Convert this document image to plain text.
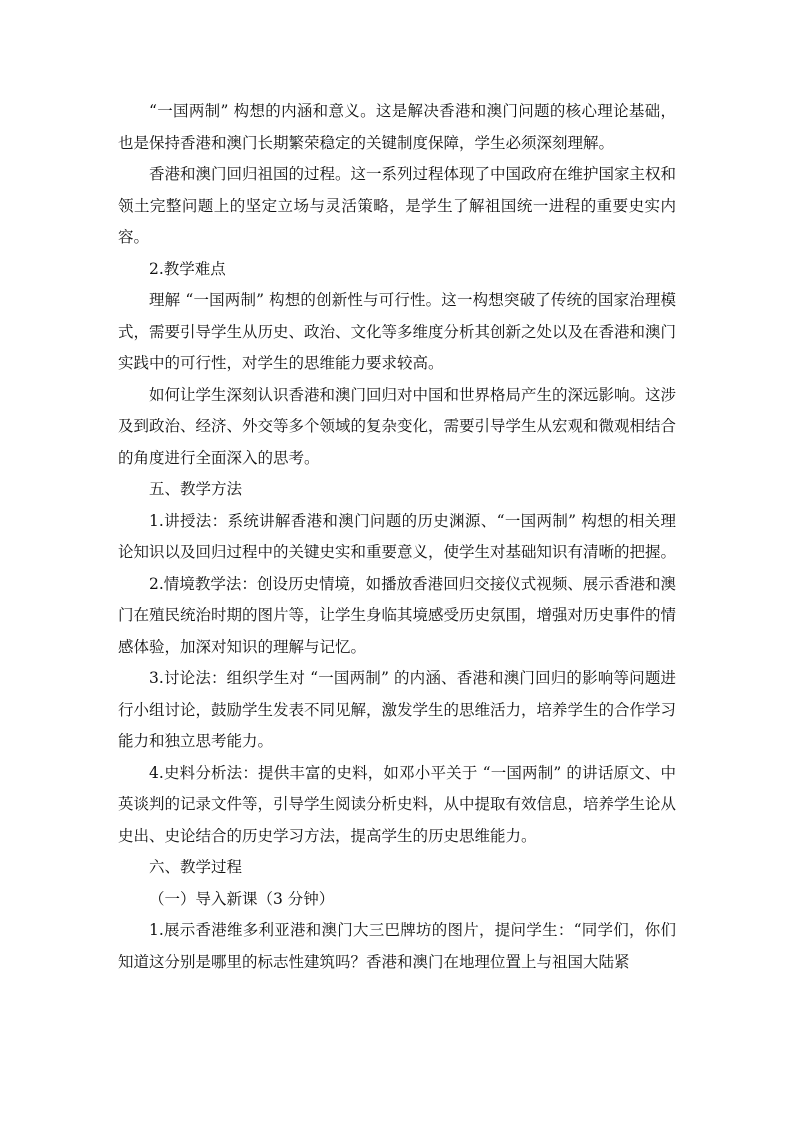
“一国两制” 构想的内涵和意义。这是解决香港和澳门问题的核心理论基础，也是保持香港和澳门长期繁荣稳定的关键制度保障，学生必须深刻理解。

香港和澳门回归祖国的过程。这一系列过程体现了中国政府在维护国家主权和领土完整问题上的坚定立场与灵活策略，是学生了解祖国统一进程的重要史实内容。

2.教学难点

理解 “一国两制” 构想的创新性与可行性。这一构想突破了传统的国家治理模式，需要引导学生从历史、政治、文化等多维度分析其创新之处以及在香港和澳门实践中的可行性，对学生的思维能力要求较高。

如何让学生深刻认识香港和澳门回归对中国和世界格局产生的深远影响。这涉及到政治、经济、外交等多个领域的复杂变化，需要引导学生从宏观和微观相结合的角度进行全面深入的思考。

五、教学方法

1.讲授法：系统讲解香港和澳门问题的历史渊源、“一国两制” 构想的相关理论知识以及回归过程中的关键史实和重要意义，使学生对基础知识有清晰的把握。

2.情境教学法：创设历史情境，如播放香港回归交接仪式视频、展示香港和澳门在殖民统治时期的图片等，让学生身临其境感受历史氛围，增强对历史事件的情感体验，加深对知识的理解与记忆。

3.讨论法：组织学生对 “一国两制” 的内涵、香港和澳门回归的影响等问题进行小组讨论，鼓励学生发表不同见解，激发学生的思维活力，培养学生的合作学习能力和独立思考能力。

4.史料分析法：提供丰富的史料，如邓小平关于 “一国两制” 的讲话原文、中英谈判的记录文件等，引导学生阅读分析史料，从中提取有效信息，培养学生论从史出、史论结合的历史学习方法，提高学生的历史思维能力。

六、教学过程

（一）导入新课（3 分钟）

1.展示香港维多利亚港和澳门大三巴牌坊的图片，提问学生：“同学们，你们知道这分别是哪里的标志性建筑吗？香港和澳门在地理位置上与祖国大陆紧
